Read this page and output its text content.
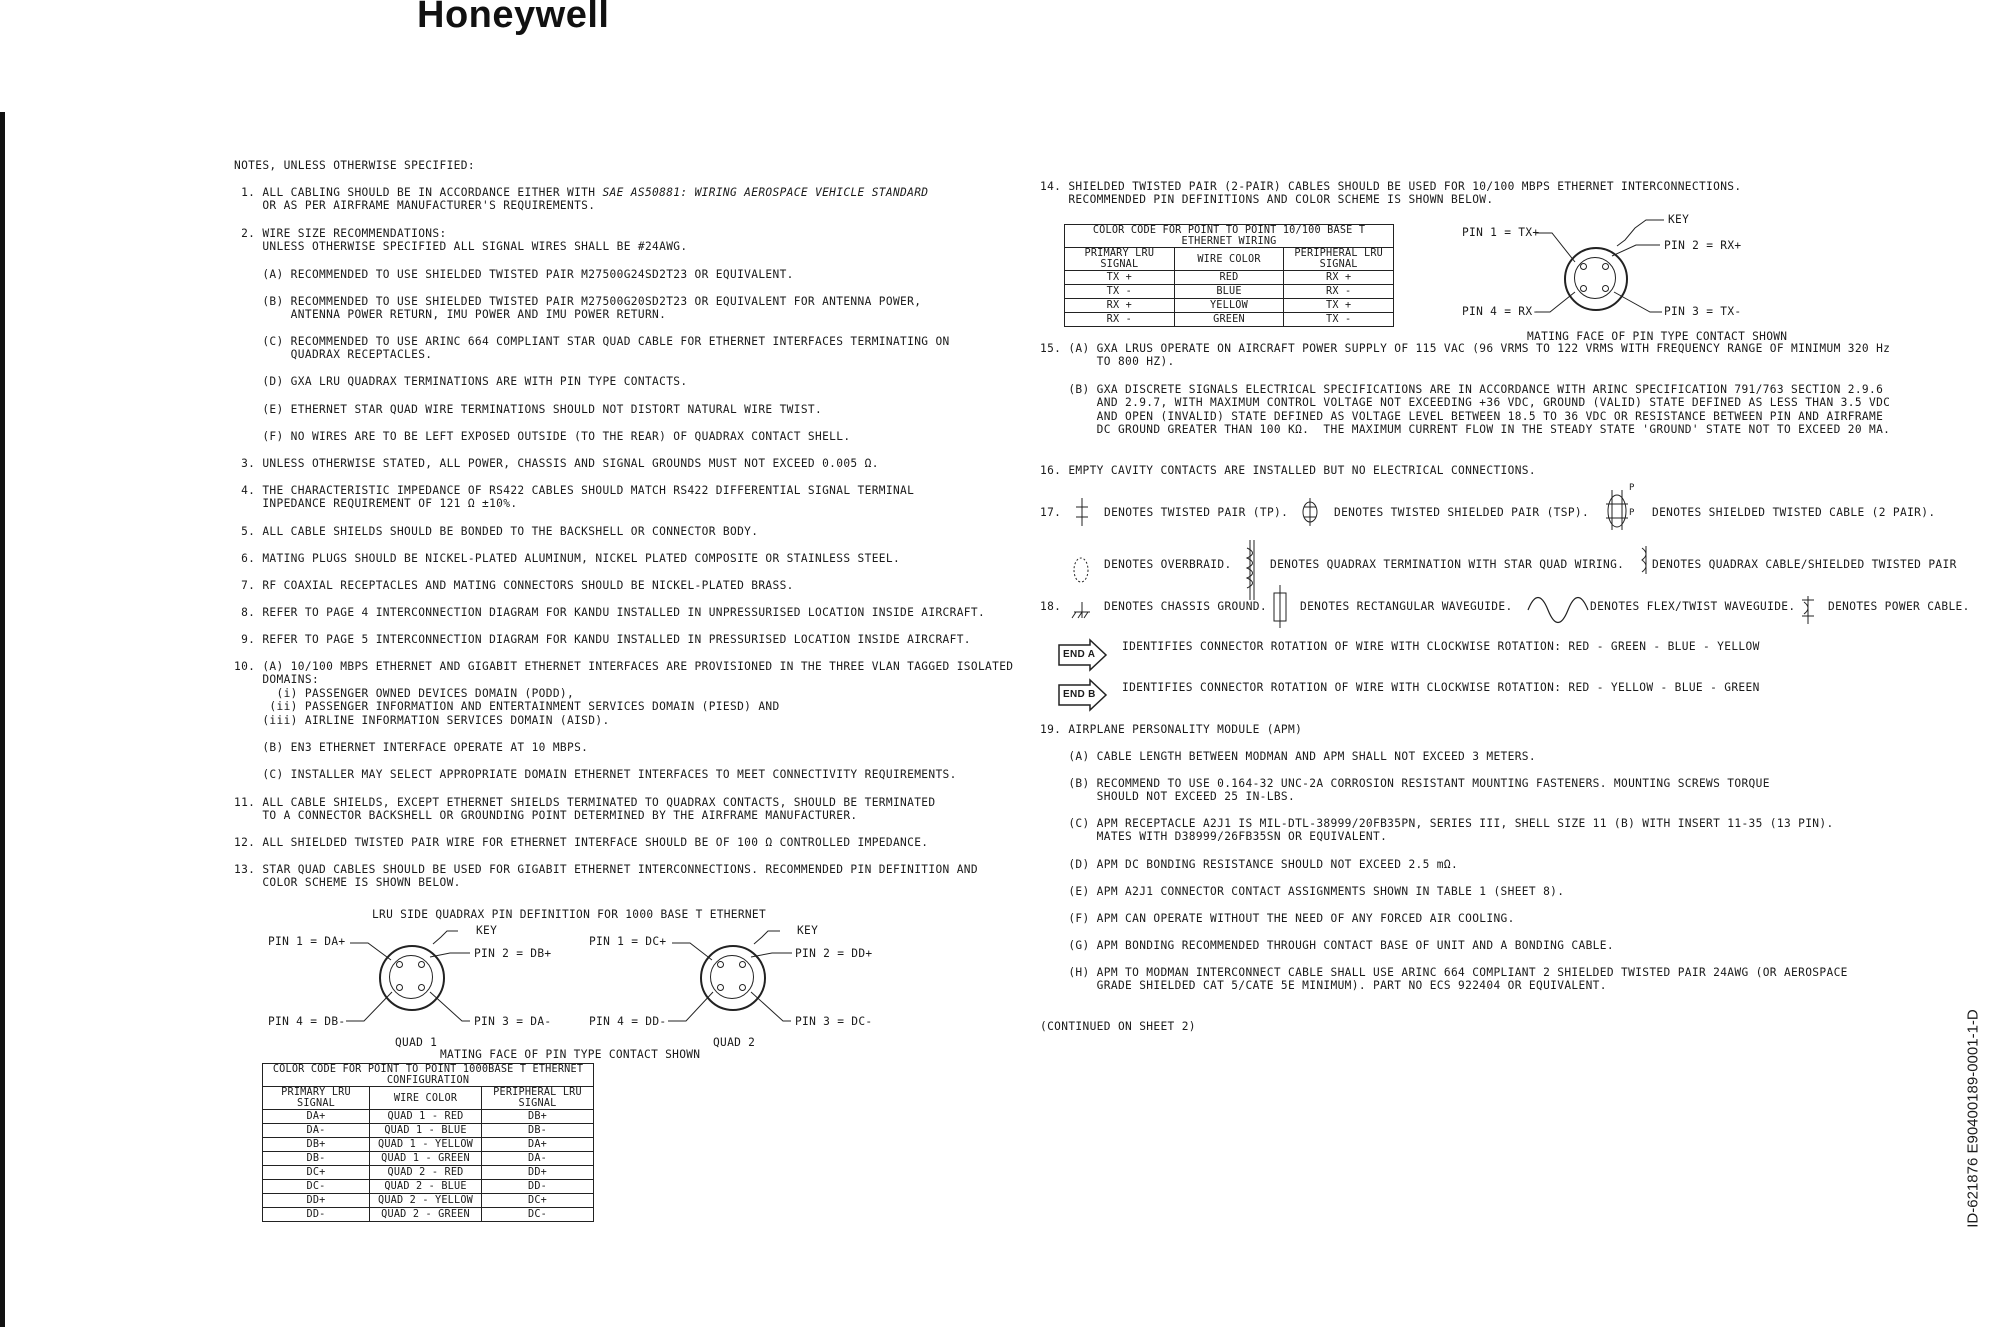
Honeywell
ID-621876 E90400189-0001-1-D
NOTES, UNLESS OTHERWISE SPECIFIED:
1. ALL CABLING SHOULD BE IN ACCORDANCE EITHER WITH SAE AS50881: WIRING AEROSPACE VEHICLE STANDARD
OR AS PER AIRFRAME MANUFACTURER'S REQUIREMENTS.
2. WIRE SIZE RECOMMENDATIONS:
UNLESS OTHERWISE SPECIFIED ALL SIGNAL WIRES SHALL BE #24AWG.
(A) RECOMMENDED TO USE SHIELDED TWISTED PAIR M27500G24SD2T23 OR EQUIVALENT.
(B) RECOMMENDED TO USE SHIELDED TWISTED PAIR M27500G20SD2T23 OR EQUIVALENT FOR ANTENNA POWER,
ANTENNA POWER RETURN, IMU POWER AND IMU POWER RETURN.
(C) RECOMMENDED TO USE ARINC 664 COMPLIANT STAR QUAD CABLE FOR ETHERNET INTERFACES TERMINATING ON
QUADRAX RECEPTACLES.
(D) GXA LRU QUADRAX TERMINATIONS ARE WITH PIN TYPE CONTACTS.
(E) ETHERNET STAR QUAD WIRE TERMINATIONS SHOULD NOT DISTORT NATURAL WIRE TWIST.
(F) NO WIRES ARE TO BE LEFT EXPOSED OUTSIDE (TO THE REAR) OF QUADRAX CONTACT SHELL.
3. UNLESS OTHERWISE STATED, ALL POWER, CHASSIS AND SIGNAL GROUNDS MUST NOT EXCEED 0.005 Ω.
4. THE CHARACTERISTIC IMPEDANCE OF RS422 CABLES SHOULD MATCH RS422 DIFFERENTIAL SIGNAL TERMINAL
INPEDANCE REQUIREMENT OF 121 Ω ±10%.
5. ALL CABLE SHIELDS SHOULD BE BONDED TO THE BACKSHELL OR CONNECTOR BODY.
6. MATING PLUGS SHOULD BE NICKEL-PLATED ALUMINUM, NICKEL PLATED COMPOSITE OR STAINLESS STEEL.
7. RF COAXIAL RECEPTACLES AND MATING CONNECTORS SHOULD BE NICKEL-PLATED BRASS.
8. REFER TO PAGE 4 INTERCONNECTION DIAGRAM FOR KANDU INSTALLED IN UNPRESSURISED LOCATION INSIDE AIRCRAFT.
9. REFER TO PAGE 5 INTERCONNECTION DIAGRAM FOR KANDU INSTALLED IN PRESSURISED LOCATION INSIDE AIRCRAFT.
10. (A) 10/100 MBPS ETHERNET AND GIGABIT ETHERNET INTERFACES ARE PROVISIONED IN THE THREE VLAN TAGGED ISOLATED
DOMAINS:
(i) PASSENGER OWNED DEVICES DOMAIN (PODD),
(ii) PASSENGER INFORMATION AND ENTERTAINMENT SERVICES DOMAIN (PIESD) AND
(iii) AIRLINE INFORMATION SERVICES DOMAIN (AISD).
(B) EN3 ETHERNET INTERFACE OPERATE AT 10 MBPS.
(C) INSTALLER MAY SELECT APPROPRIATE DOMAIN ETHERNET INTERFACES TO MEET CONNECTIVITY REQUIREMENTS.
11. ALL CABLE SHIELDS, EXCEPT ETHERNET SHIELDS TERMINATED TO QUADRAX CONTACTS, SHOULD BE TERMINATED
TO A CONNECTOR BACKSHELL OR GROUNDING POINT DETERMINED BY THE AIRFRAME MANUFACTURER.
12. ALL SHIELDED TWISTED PAIR WIRE FOR ETHERNET INTERFACE SHOULD BE OF 100 Ω CONTROLLED IMPEDANCE.
13. STAR QUAD CABLES SHOULD BE USED FOR GIGABIT ETHERNET INTERCONNECTIONS. RECOMMENDED PIN DEFINITION AND
COLOR SCHEME IS SHOWN BELOW.
LRU SIDE QUADRAX PIN DEFINITION FOR 1000 BASE T ETHERNET
PIN 1 = DA+
PIN 2 = DB+
PIN 4 = DB-	PIN 3 = DA-
KEY
QUAD 1
PIN 1 = DC+
PIN 2 = DD+
PIN 4 = DD-	PIN 3 = DC-
KEY
QUAD 2
MATING FACE OF PIN TYPE CONTACT SHOWN
COLOR CODE FOR POINT TO POINT 1000BASE T ETHERNET
CONFIGURATION		
PRIMARY LRU
SIGNAL	WIRE COLOR	PERIPHERAL LRU
SIGNAL
DA+	QUAD 1 - RED	DB+
DA-	QUAD 1 - BLUE	DB-
DB+	QUAD 1 - YELLOW	DA+
DB-	QUAD 1 - GREEN	DA-
DC+	QUAD 2 - RED	DD+
DC-	QUAD 2 - BLUE	DD-
DD+	QUAD 2 - YELLOW	DC+
DD-	QUAD 2 - GREEN	DC-
14. SHIELDED TWISTED PAIR (2-PAIR) CABLES SHOULD BE USED FOR 10/100 MBPS ETHERNET INTERCONNECTIONS.
RECOMMENDED PIN DEFINITIONS AND COLOR SCHEME IS SHOWN BELOW.
COLOR CODE FOR POINT TO POINT 10/100 BASE T
ETHERNET WIRING		
PRIMARY LRU
SIGNAL	WIRE COLOR	PERIPHERAL LRU
SIGNAL
TX +	RED	RX +
TX -	BLUE	RX -
RX +	YELLOW	TX +
RX -	GREEN	TX -
PIN 1 = TX+
PIN 2 = RX+
PIN 4 = RX-	PIN 3 = TX-
KEY
MATING FACE OF PIN TYPE CONTACT SHOWN
15. (A) GXA LRUS OPERATE ON AIRCRAFT POWER SUPPLY OF 115 VAC (96 VRMS TO 122 VRMS WITH FREQUENCY RANGE OF MINIMUM 320 Hz
TO 800 HZ).
(B) GXA DISCRETE SIGNALS ELECTRICAL SPECIFICATIONS ARE IN ACCORDANCE WITH ARINC SPECIFICATION 791/763 SECTION 2.9.6
AND 2.9.7, WITH MAXIMUM CONTROL VOLTAGE NOT EXCEEDING +36 VDC, GROUND (VALID) STATE DEFINED AS LESS THAN 3.5 VDC
AND OPEN (INVALID) STATE DEFINED AS VOLTAGE LEVEL BETWEEN 18.5 TO 36 VDC OR RESISTANCE BETWEEN PIN AND AIRFRAME
DC GROUND GREATER THAN 100 KΩ.  THE MAXIMUM CURRENT FLOW IN THE STEADY STATE 'GROUND' STATE NOT TO EXCEED 20 MA.
16. EMPTY CAVITY CONTACTS ARE INSTALLED BUT NO ELECTRICAL CONNECTIONS.
17.	DENOTES TWISTED PAIR (TP).	DENOTES TWISTED SHIELDED PAIR (TSP).
P
P DENOTES SHIELDED TWISTED CABLE (2 PAIR).
DENOTES OVERBRAID.	DENOTES QUADRAX TERMINATION WITH STAR QUAD WIRING. DENOTES QUADRAX CABLE/SHIELDED TWISTED PAIR
18.	DENOTES CHASSIS GROUND.	DENOTES RECTANGULAR WAVEGUIDE.	DENOTES FLEX/TWIST WAVEGUIDE.	DENOTES POWER CABLE.
END A
IDENTIFIES CONNECTOR ROTATION OF WIRE WITH CLOCKWISE ROTATION: RED - GREEN - BLUE - YELLOW
END B
IDENTIFIES CONNECTOR ROTATION OF WIRE WITH CLOCKWISE ROTATION: RED - YELLOW - BLUE - GREEN
19. AIRPLANE PERSONALITY MODULE (APM)
(A) CABLE LENGTH BETWEEN MODMAN AND APM SHALL NOT EXCEED 3 METERS.
(B) RECOMMEND TO USE 0.164-32 UNC-2A CORROSION RESISTANT MOUNTING FASTENERS. MOUNTING SCREWS TORQUE
SHOULD NOT EXCEED 25 IN-LBS.
(C) APM RECEPTACLE A2J1 IS MIL-DTL-38999/20FB35PN, SERIES III, SHELL SIZE 11 (B) WITH INSERT 11-35 (13 PIN).
MATES WITH D38999/26FB35SN OR EQUIVALENT.
(D) APM DC BONDING RESISTANCE SHOULD NOT EXCEED 2.5 mΩ.
(E) APM A2J1 CONNECTOR CONTACT ASSIGNMENTS SHOWN IN TABLE 1 (SHEET 8).
(F) APM CAN OPERATE WITHOUT THE NEED OF ANY FORCED AIR COOLING.
(G) APM BONDING RECOMMENDED THROUGH CONTACT BASE OF UNIT AND A BONDING CABLE.
(H) APM TO MODMAN INTERCONNECT CABLE SHALL USE ARINC 664 COMPLIANT 2 SHIELDED TWISTED PAIR 24AWG (OR AEROSPACE
GRADE SHIELDED CAT 5/CATE 5E MINIMUM). PART NO ECS 922404 OR EQUIVALENT.
(CONTINUED ON SHEET 2)
